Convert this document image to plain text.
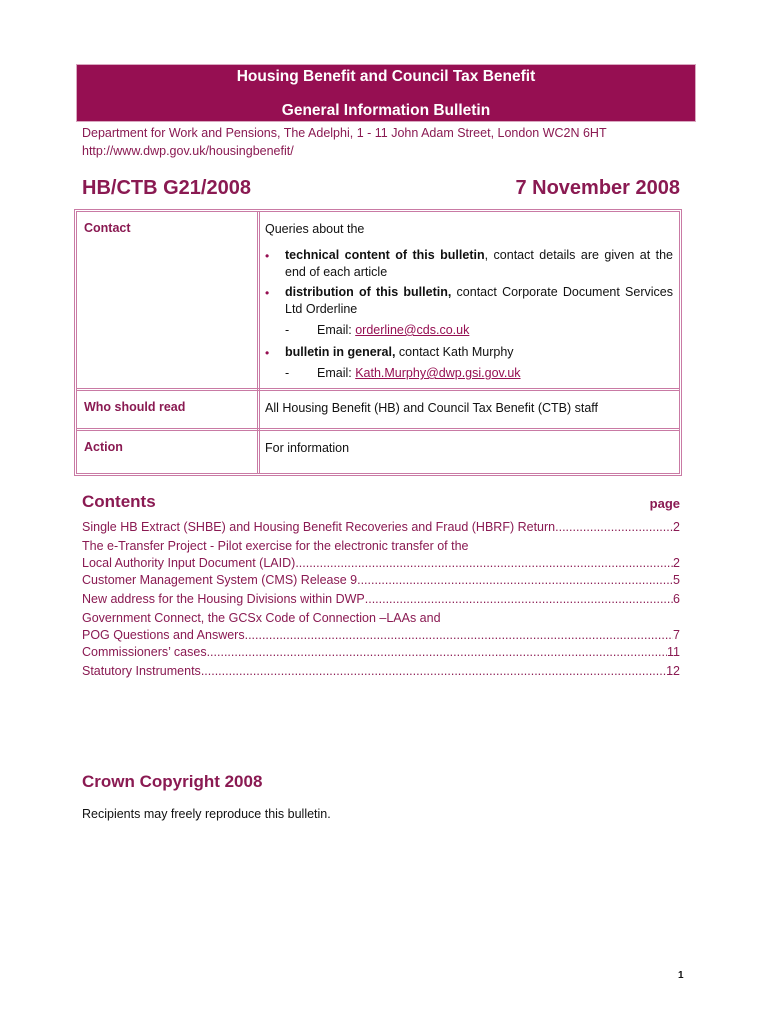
Housing Benefit and Council Tax Benefit
General Information Bulletin
Department for Work and Pensions, The Adelphi, 1 - 11 John Adam Street, London WC2N 6HT
http://www.dwp.gov.uk/housingbenefit/
HB/CTB G21/2008	7 November 2008
Contact	Queries about the
• technical content of this bulletin, contact details are given at the end of each article
• distribution of this bulletin, contact Corporate Document Services Ltd Orderline
- Email: orderline@cds.co.uk
• bulletin in general, contact Kath Murphy
- Email: Kath.Murphy@dwp.gsi.gov.uk
Who should read	All Housing Benefit (HB) and Council Tax Benefit (CTB) staff
Action	For information
Contents	page
Single HB Extract (SHBE) and Housing Benefit Recoveries and Fraud (HBRF) Return .....	2
The e-Transfer Project - Pilot exercise for the electronic transfer of the
Local Authority Input Document (LAID) .....	2
Customer Management System (CMS) Release 9 .....	5
New address for the Housing Divisions within DWP .....	6
Government Connect, the GCSx Code of Connection –LAAs and
POG Questions and Answers .....	7
Commissioners’ cases .....	11
Statutory Instruments .....	12
Crown Copyright 2008
Recipients may freely reproduce this bulletin.
1
